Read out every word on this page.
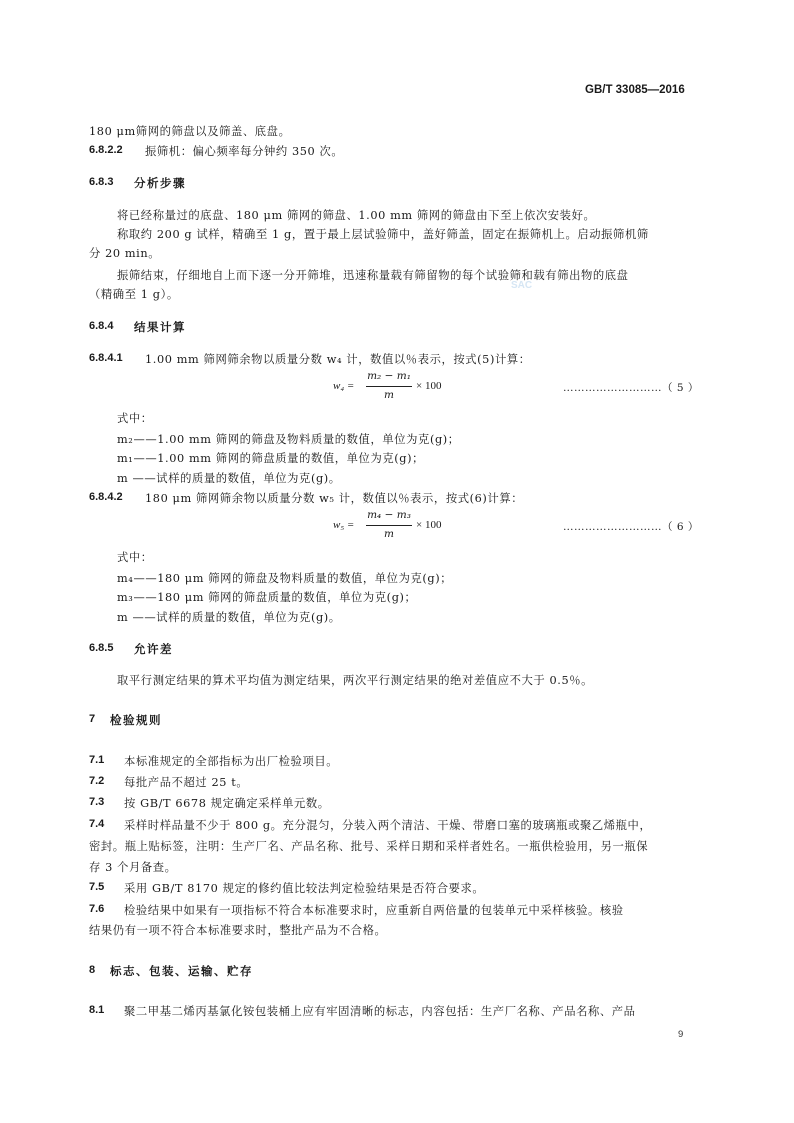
GB/T 33085—2016
SAC
180 μm筛网的筛盘以及筛盖、底盘。
6.8.2.2 振筛机：偏心频率每分钟约 350 次。
6.8.3 分析步骤
将已经称量过的底盘、180 μm 筛网的筛盘、1.00 mm 筛网的筛盘由下至上依次安装好。
称取约 200 g 试样，精确至 1 g，置于最上层试验筛中，盖好筛盖，固定在振筛机上。启动振筛机筛
分 20 min。
振筛结束，仔细地自上而下逐一分开筛堆，迅速称量载有筛留物的每个试验筛和载有筛出物的底盘
（精确至 1 g）。
6.8.4 结果计算
6.8.4.1 1.00 mm 筛网筛余物以质量分数 w₄ 计，数值以％表示，按式(5)计算：
w₄ =
m₂ − m₁
m
× 100	………………………（ 5 ）
式中：
m₂——1.00 mm 筛网的筛盘及物料质量的数值，单位为克(g)；
m₁——1.00 mm 筛网的筛盘质量的数值，单位为克(g)；
m ——试样的质量的数值，单位为克(g)。
6.8.4.2 180 μm 筛网筛余物以质量分数 w₅ 计，数值以％表示，按式(6)计算：
w₅ =
m₄ − m₃
m
× 100	………………………（ 6 ）
式中：
m₄——180 μm 筛网的筛盘及物料质量的数值，单位为克(g)；
m₃——180 μm 筛网的筛盘质量的数值，单位为克(g)；
m ——试样的质量的数值，单位为克(g)。
6.8.5 允许差
取平行测定结果的算术平均值为测定结果，两次平行测定结果的绝对差值应不大于 0.5％。
7 检验规则
7.1 本标准规定的全部指标为出厂检验项目。
7.2 每批产品不超过 25 t。
7.3 按 GB/T 6678 规定确定采样单元数。
7.4 采样时样品量不少于 800 g。充分混匀，分装入两个清洁、干燥、带磨口塞的玻璃瓶或聚乙烯瓶中，
密封。瓶上贴标签，注明：生产厂名、产品名称、批号、采样日期和采样者姓名。一瓶供检验用，另一瓶保
存 3 个月备查。
7.5 采用 GB/T 8170 规定的修约值比较法判定检验结果是否符合要求。
7.6 检验结果中如果有一项指标不符合本标准要求时，应重新自两倍量的包装单元中采样核验。核验
结果仍有一项不符合本标准要求时，整批产品为不合格。
8 标志、包装、运输、贮存
8.1 聚二甲基二烯丙基氯化铵包装桶上应有牢固清晰的标志，内容包括：生产厂名称、产品名称、产品
9
